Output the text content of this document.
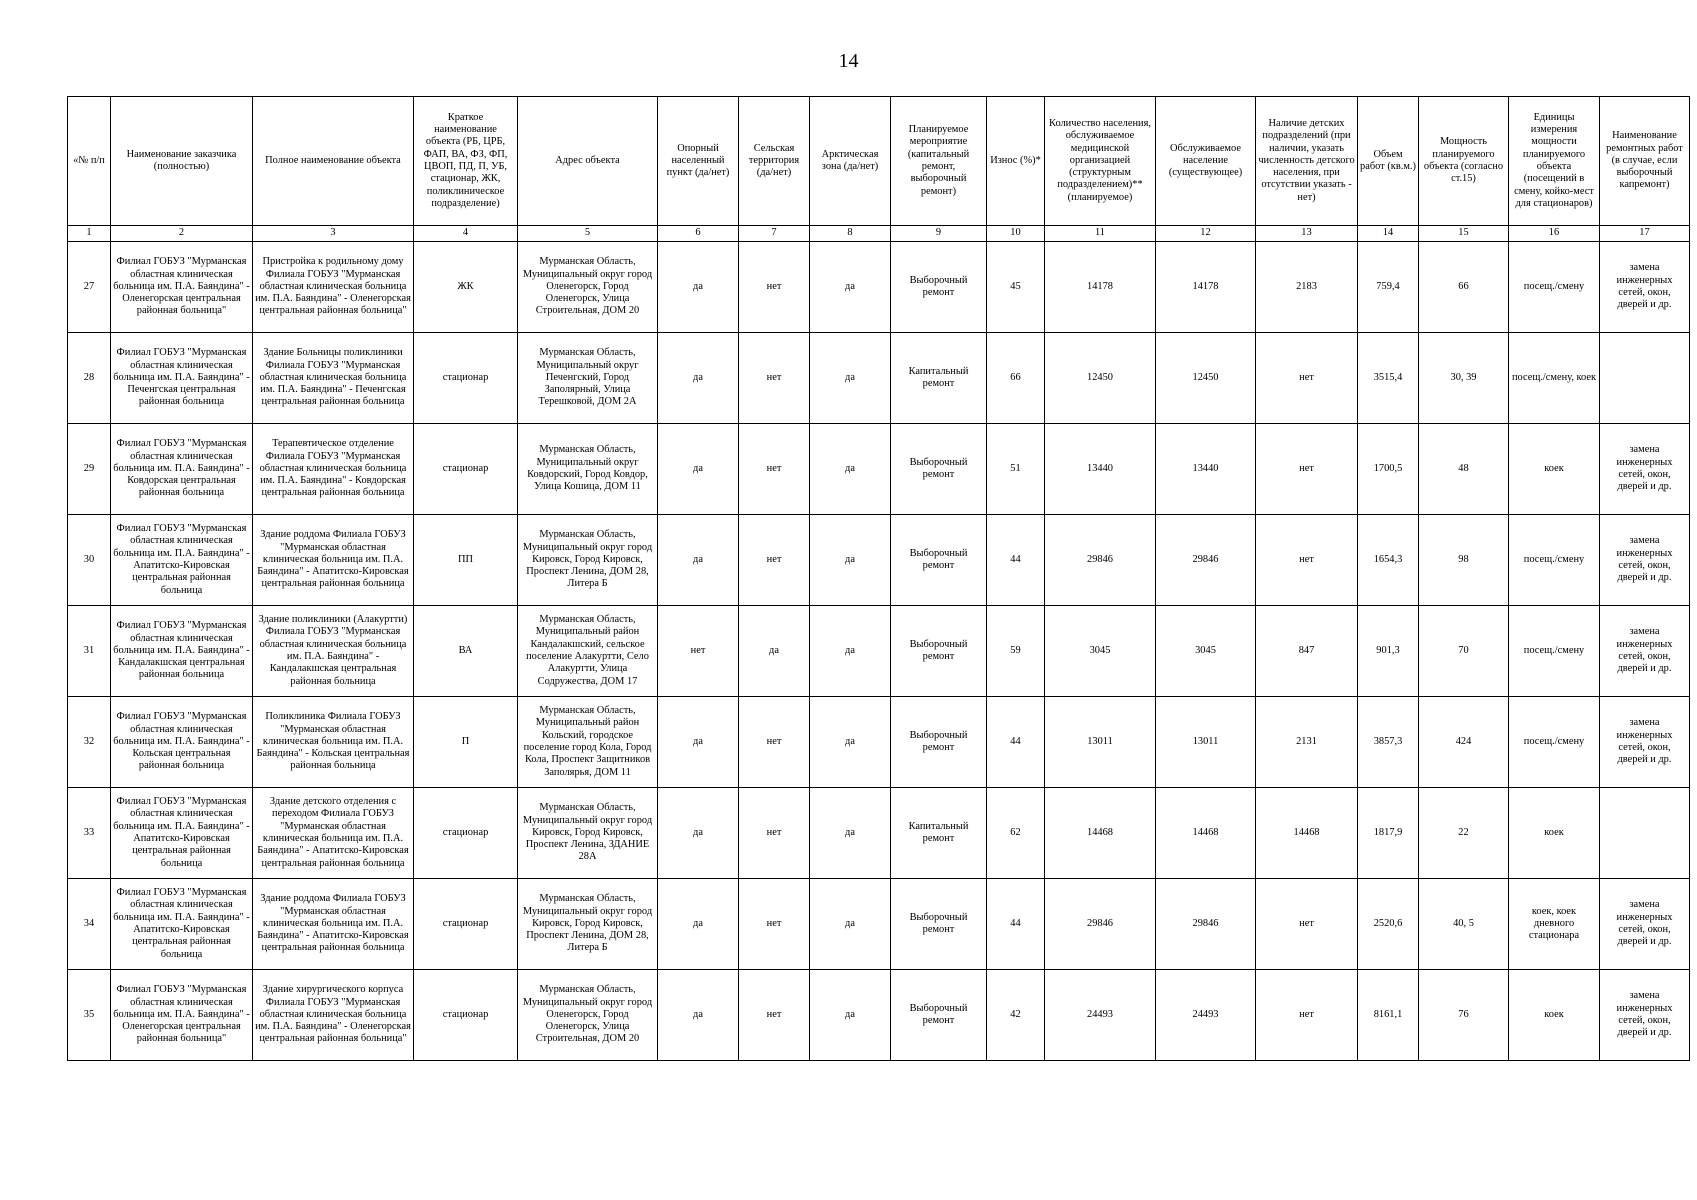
14
«№ п/п	Наименование заказчика (полностью)	Полное наименование объекта	Краткое наименование объекта (РБ, ЦРБ, ФАП, ВА, ФЗ, ФП, ЦВОП, ПД, П, УБ, стационар, ЖК, поликлиническое подразделение)	Адрес объекта	Опорный населенный пункт (да/нет)	Сельская территория (да/нет)	Арктическая зона (да/нет)	Планируемое мероприятие (капитальный ремонт, выборочный ремонт)	Износ (%)*	Количество населения, обслуживаемое медицинской организацией (структурным подразделением)** (планируемое)	Обслуживаемое население (существующее)	Наличие детских подразделений (при наличии, указать численность детского населения, при отсутствии указать - нет)	Объем работ (кв.м.)	Мощность планируемого объекта (согласно ст.15)	Единицы измерения мощности планируемого объекта (посещений в смену, койко-мест для стационаров)	Наименование ремонтных работ (в случае, если выборочный капремонт)
1	2	3	4	5	6	7	8	9	10	11	12	13	14	15	16	17
27	Филиал ГОБУЗ "Мурманская областная клиническая больница им. П.А. Баяндина" - Оленегорская центральная районная больница"	Пристройка к родильному дому Филиала ГОБУЗ "Мурманская областная клиническая больница им. П.А. Баяндина" - Оленегорская центральная районная больница"	ЖК	Мурманская Область, Муниципальный округ город Оленегорск, Город Оленегорск, Улица Строительная, ДОМ 20	да	нет	да	Выборочный ремонт	45	14178	14178	2183	759,4	66	посещ./смену	замена инженерных сетей, окон, дверей и др.
28	Филиал ГОБУЗ "Мурманская областная клиническая больница им. П.А. Баяндина" - Печенгская центральная районная больница	Здание Больницы поликлиники Филиала ГОБУЗ "Мурманская областная клиническая больница им. П.А. Баяндина" - Печенгская центральная районная больница	стационар	Мурманская Область, Муниципальный округ Печенгский, Город Заполярный, Улица Терешковой, ДОМ 2А	да	нет	да	Капитальный ремонт	66	12450	12450	нет	3515,4	30, 39	посещ./смену, коек	
29	Филиал ГОБУЗ "Мурманская областная клиническая больница им. П.А. Баяндина" - Ковдорская центральная районная больница	Терапевтическое отделение Филиала ГОБУЗ "Мурманская областная клиническая больница им. П.А. Баяндина" - Ковдорская центральная районная больница	стационар	Мурманская Область, Муниципальный округ Ковдорский, Город Ковдор, Улица Кошица, ДОМ 11	да	нет	да	Выборочный ремонт	51	13440	13440	нет	1700,5	48	коек	замена инженерных сетей, окон, дверей и др.
30	Филиал ГОБУЗ "Мурманская областная клиническая больница им. П.А. Баяндина" - Апатитско-Кировская центральная районная больница	Здание роддома Филиала ГОБУЗ "Мурманская областная клиническая больница им. П.А. Баяндина" - Апатитско-Кировская центральная районная больница	ПП	Мурманская Область, Муниципальный округ город Кировск, Город Кировск, Проспект Ленина, ДОМ 28, Литера Б	да	нет	да	Выборочный ремонт	44	29846	29846	нет	1654,3	98	посещ./смену	замена инженерных сетей, окон, дверей и др.
31	Филиал ГОБУЗ "Мурманская областная клиническая больница им. П.А. Баяндина" - Кандалакшская центральная районная больница	Здание поликлиники (Алакуртти) Филиала ГОБУЗ "Мурманская областная клиническая больница им. П.А. Баяндина" - Кандалакшская центральная районная больница	ВА	Мурманская Область, Муниципальный район Кандалакшский, сельское поселение Алакуртти, Село Алакуртти, Улица Содружества, ДОМ 17	нет	да	да	Выборочный ремонт	59	3045	3045	847	901,3	70	посещ./смену	замена инженерных сетей, окон, дверей и др.
32	Филиал ГОБУЗ "Мурманская областная клиническая больница им. П.А. Баяндина" - Кольская центральная районная больница	Поликлиника Филиала ГОБУЗ "Мурманская областная клиническая больница им. П.А. Баяндина" - Кольская центральная районная больница	П	Мурманская Область, Муниципальный район Кольский, городское поселение город Кола, Город Кола, Проспект Защитников Заполярья, ДОМ 11	да	нет	да	Выборочный ремонт	44	13011	13011	2131	3857,3	424	посещ./смену	замена инженерных сетей, окон, дверей и др.
33	Филиал ГОБУЗ "Мурманская областная клиническая больница им. П.А. Баяндина" - Апатитско-Кировская центральная районная больница	Здание детского отделения с переходом Филиала ГОБУЗ "Мурманская областная клиническая больница им. П.А. Баяндина" - Апатитско-Кировская центральная районная больница	стационар	Мурманская Область, Муниципальный округ город Кировск, Город Кировск, Проспект Ленина, ЗДАНИЕ 28А	да	нет	да	Капитальный ремонт	62	14468	14468	14468	1817,9	22	коек	
34	Филиал ГОБУЗ "Мурманская областная клиническая больница им. П.А. Баяндина" - Апатитско-Кировская центральная районная больница	Здание роддома Филиала ГОБУЗ "Мурманская областная клиническая больница им. П.А. Баяндина" - Апатитско-Кировская центральная районная больница	стационар	Мурманская Область, Муниципальный округ город Кировск, Город Кировск, Проспект Ленина, ДОМ 28, Литера Б	да	нет	да	Выборочный ремонт	44	29846	29846	нет	2520,6	40, 5	коек, коек дневного стационара	замена инженерных сетей, окон, дверей и др.
35	Филиал ГОБУЗ "Мурманская областная клиническая больница им. П.А. Баяндина" - Оленегорская центральная районная больница"	Здание хирургического корпуса Филиала ГОБУЗ "Мурманская областная клиническая больница им. П.А. Баяндина" - Оленегорская центральная районная больница"	стационар	Мурманская Область, Муниципальный округ город Оленегорск, Город Оленегорск, Улица Строительная, ДОМ 20	да	нет	да	Выборочный ремонт	42	24493	24493	нет	8161,1	76	коек	замена инженерных сетей, окон, дверей и др.
